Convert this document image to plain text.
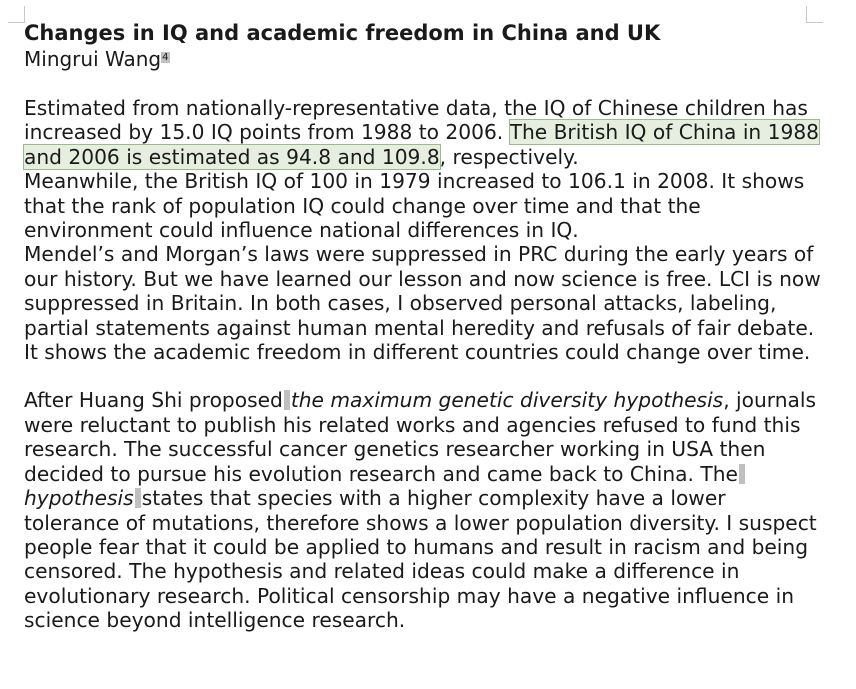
Changes in IQ and academic freedom in China and UK

Mingrui Wang$^4$

Estimated from nationally-representative data, the IQ of Chinese children has increased by 15.0 IQ points from 1988 to 2006. The British IQ of China in 1988 and 2006 is estimated as 94.8 and 109.8, respectively.

Meanwhile, the British IQ of 100 in 1979 increased to 106.1 in 2008. It shows that the rank of population IQ could change over time and that the environment could influence national differences in IQ.

Mendel’s and Morgan’s laws were suppressed in PRC during the early years of our history. But we have learned our lesson and now science is free. LCI is now suppressed in Britain. In both cases, I observed personal attacks, labeling, partial statements against human mental heredity and refusals of fair debate. It shows the academic freedom in different countries could change over time.

After Huang Shi proposed the maximum genetic diversity hypothesis, journals were reluctant to publish his related works and agencies refused to fund this research. The successful cancer genetics researcher working in USA then decided to pursue his evolution research and came back to China. Thehypothesis states that species with a higher complexity have a lower tolerance of mutations, therefore shows a lower population diversity. I suspect people fear that it could be applied to humans and result in racism and being censored. The hypothesis and related ideas could make a difference in evolutionary research. Political censorship may have a negative influence in science beyond intelligence research.
